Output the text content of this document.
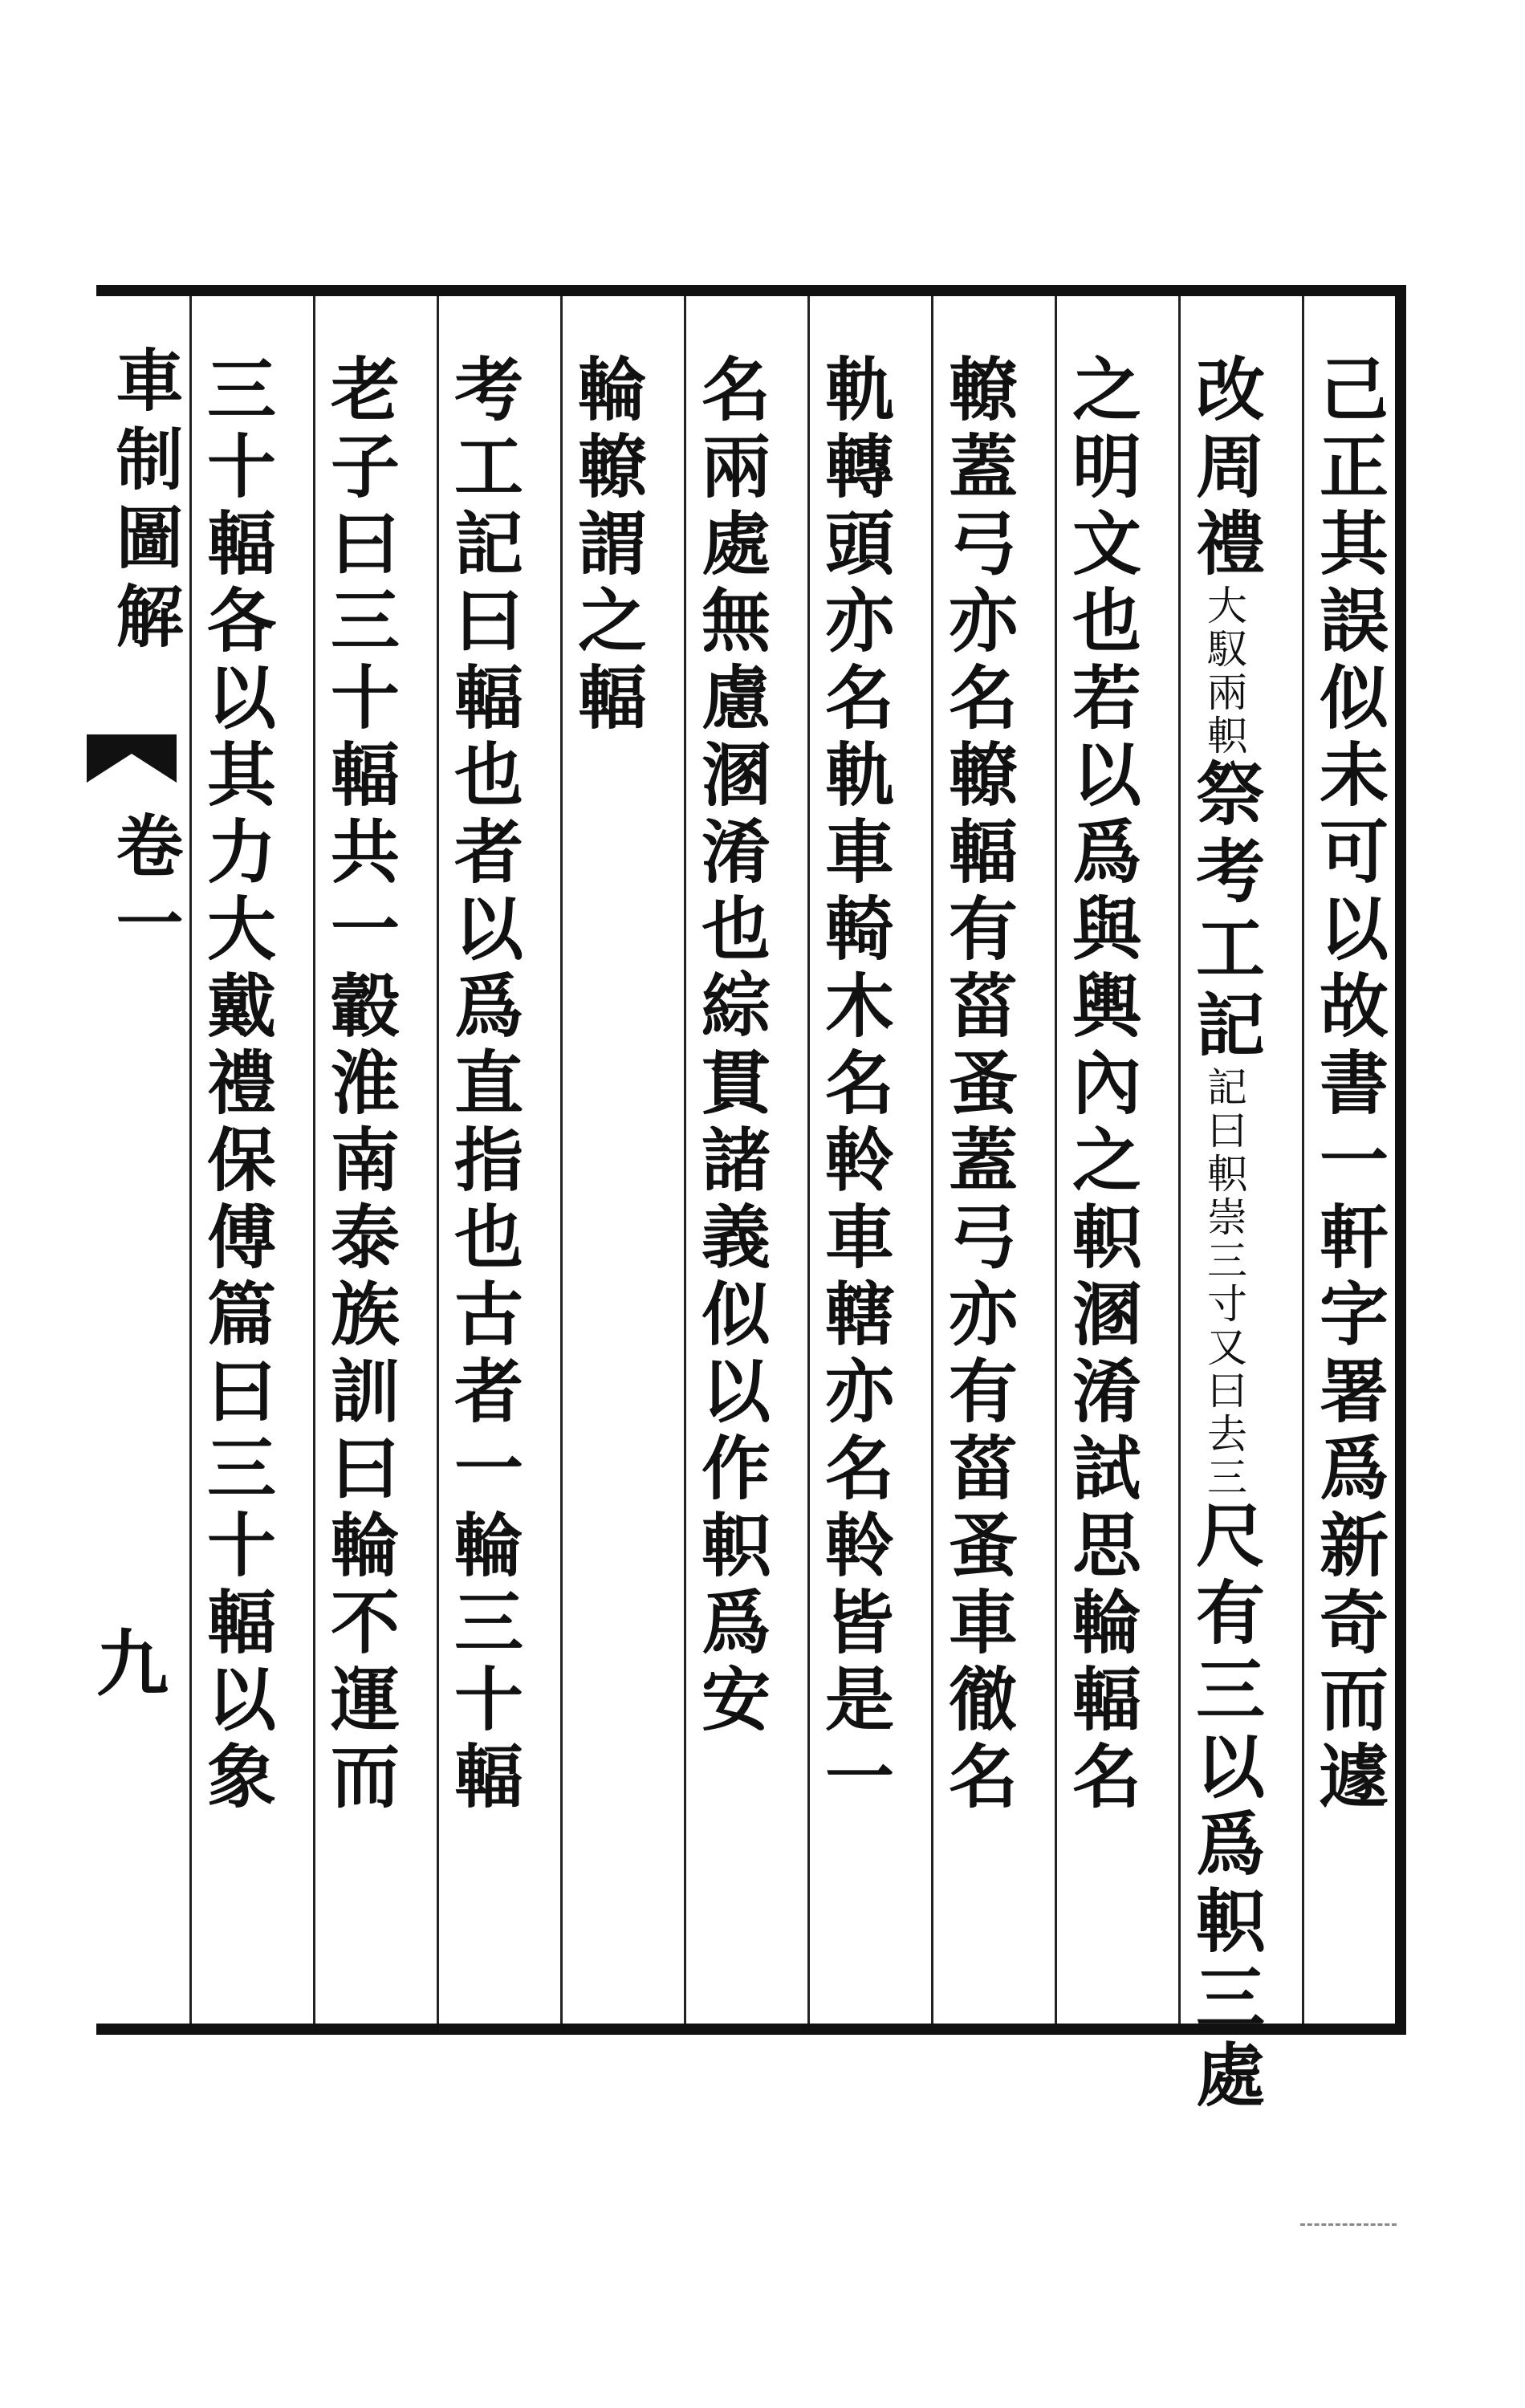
車制圖解
卷一
九	己正其誤似未可以故書一軒字署爲新奇而遽
改周禮大馭兩軹祭考工記記曰軹崇三寸又曰去三尺有三以爲軹三處
之明文也若以爲與輿內之軹溷淆試思輪輻名
轑蓋弓亦名轑輻有菑蚤蓋弓亦有菑蚤車徹名
軌轉頭亦名軌車輢木名軨車轄亦名軨皆是一
名兩處無慮溷淆也綜貫諸義似以作軹爲安
輪轑謂之輻
考工記曰輻也者以爲直指也古者一輪三十輻
老子曰三十輻共一轂淮南泰族訓曰輪不運而
三十輻各以其力大戴禮保傅篇曰三十輻以象
